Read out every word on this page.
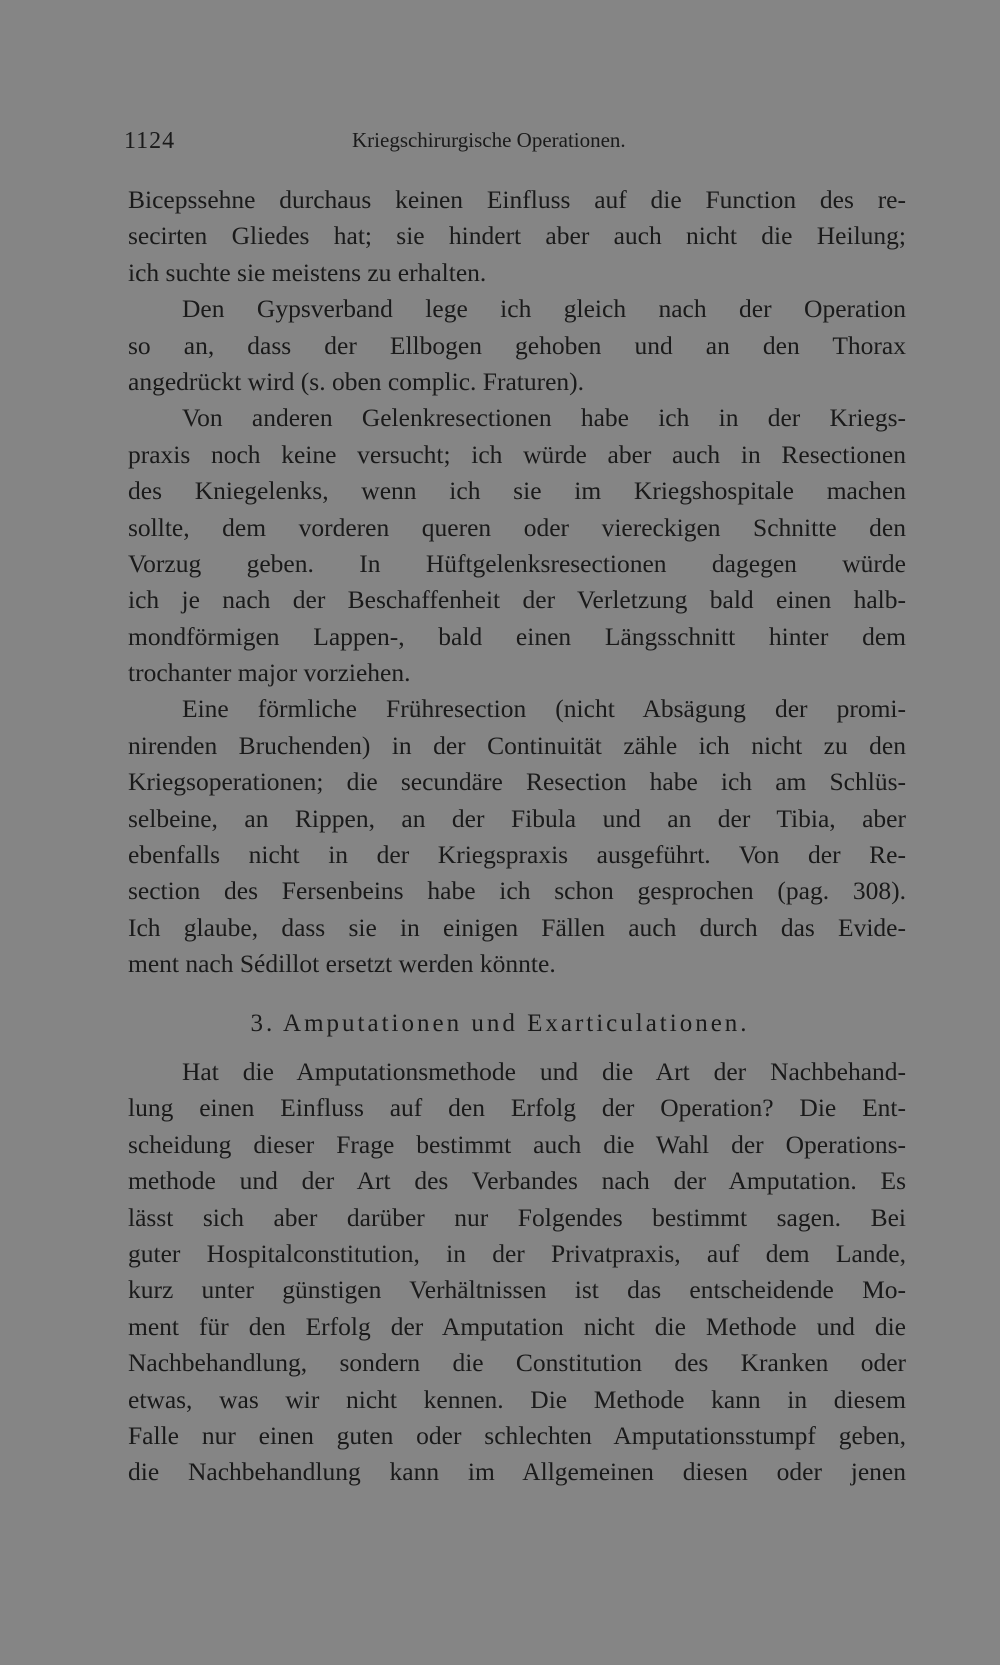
1124	Kriegschirurgische Operationen.
Bicepssehne durchaus keinen Einfluss auf die Function des re-
secirten Gliedes hat; sie hindert aber auch nicht die Heilung;
ich suchte sie meistens zu erhalten.
Den Gypsverband lege ich gleich nach der Operation
so an, dass der Ellbogen gehoben und an den Thorax
angedrückt wird (s. oben complic. Fraturen).
Von anderen Gelenkresectionen habe ich in der Kriegs-
praxis noch keine versucht; ich würde aber auch in Resectionen
des Kniegelenks, wenn ich sie im Kriegshospitale machen
sollte, dem vorderen queren oder viereckigen Schnitte den
Vorzug geben. In Hüftgelenksresectionen dagegen würde
ich je nach der Beschaffenheit der Verletzung bald einen halb-
mondförmigen Lappen-, bald einen Längsschnitt hinter dem
trochanter major vorziehen.
Eine förmliche Frühresection (nicht Absägung der promi-
nirenden Bruchenden) in der Continuität zähle ich nicht zu den
Kriegsoperationen; die secundäre Resection habe ich am Schlüs-
selbeine, an Rippen, an der Fibula und an der Tibia, aber
ebenfalls nicht in der Kriegspraxis ausgeführt. Von der Re-
section des Fersenbeins habe ich schon gesprochen (pag. 308).
Ich glaube, dass sie in einigen Fällen auch durch das Evide-
ment nach Sédillot ersetzt werden könnte.
3. Amputationen und Exarticulationen.
Hat die Amputationsmethode und die Art der Nachbehand-
lung einen Einfluss auf den Erfolg der Operation? Die Ent-
scheidung dieser Frage bestimmt auch die Wahl der Operations-
methode und der Art des Verbandes nach der Amputation. Es
lässt sich aber darüber nur Folgendes bestimmt sagen. Bei
guter Hospitalconstitution, in der Privatpraxis, auf dem Lande,
kurz unter günstigen Verhältnissen ist das entscheidende Mo-
ment für den Erfolg der Amputation nicht die Methode und die
Nachbehandlung, sondern die Constitution des Kranken oder
etwas, was wir nicht kennen. Die Methode kann in diesem
Falle nur einen guten oder schlechten Amputationsstumpf geben,
die Nachbehandlung kann im Allgemeinen diesen oder jenen
